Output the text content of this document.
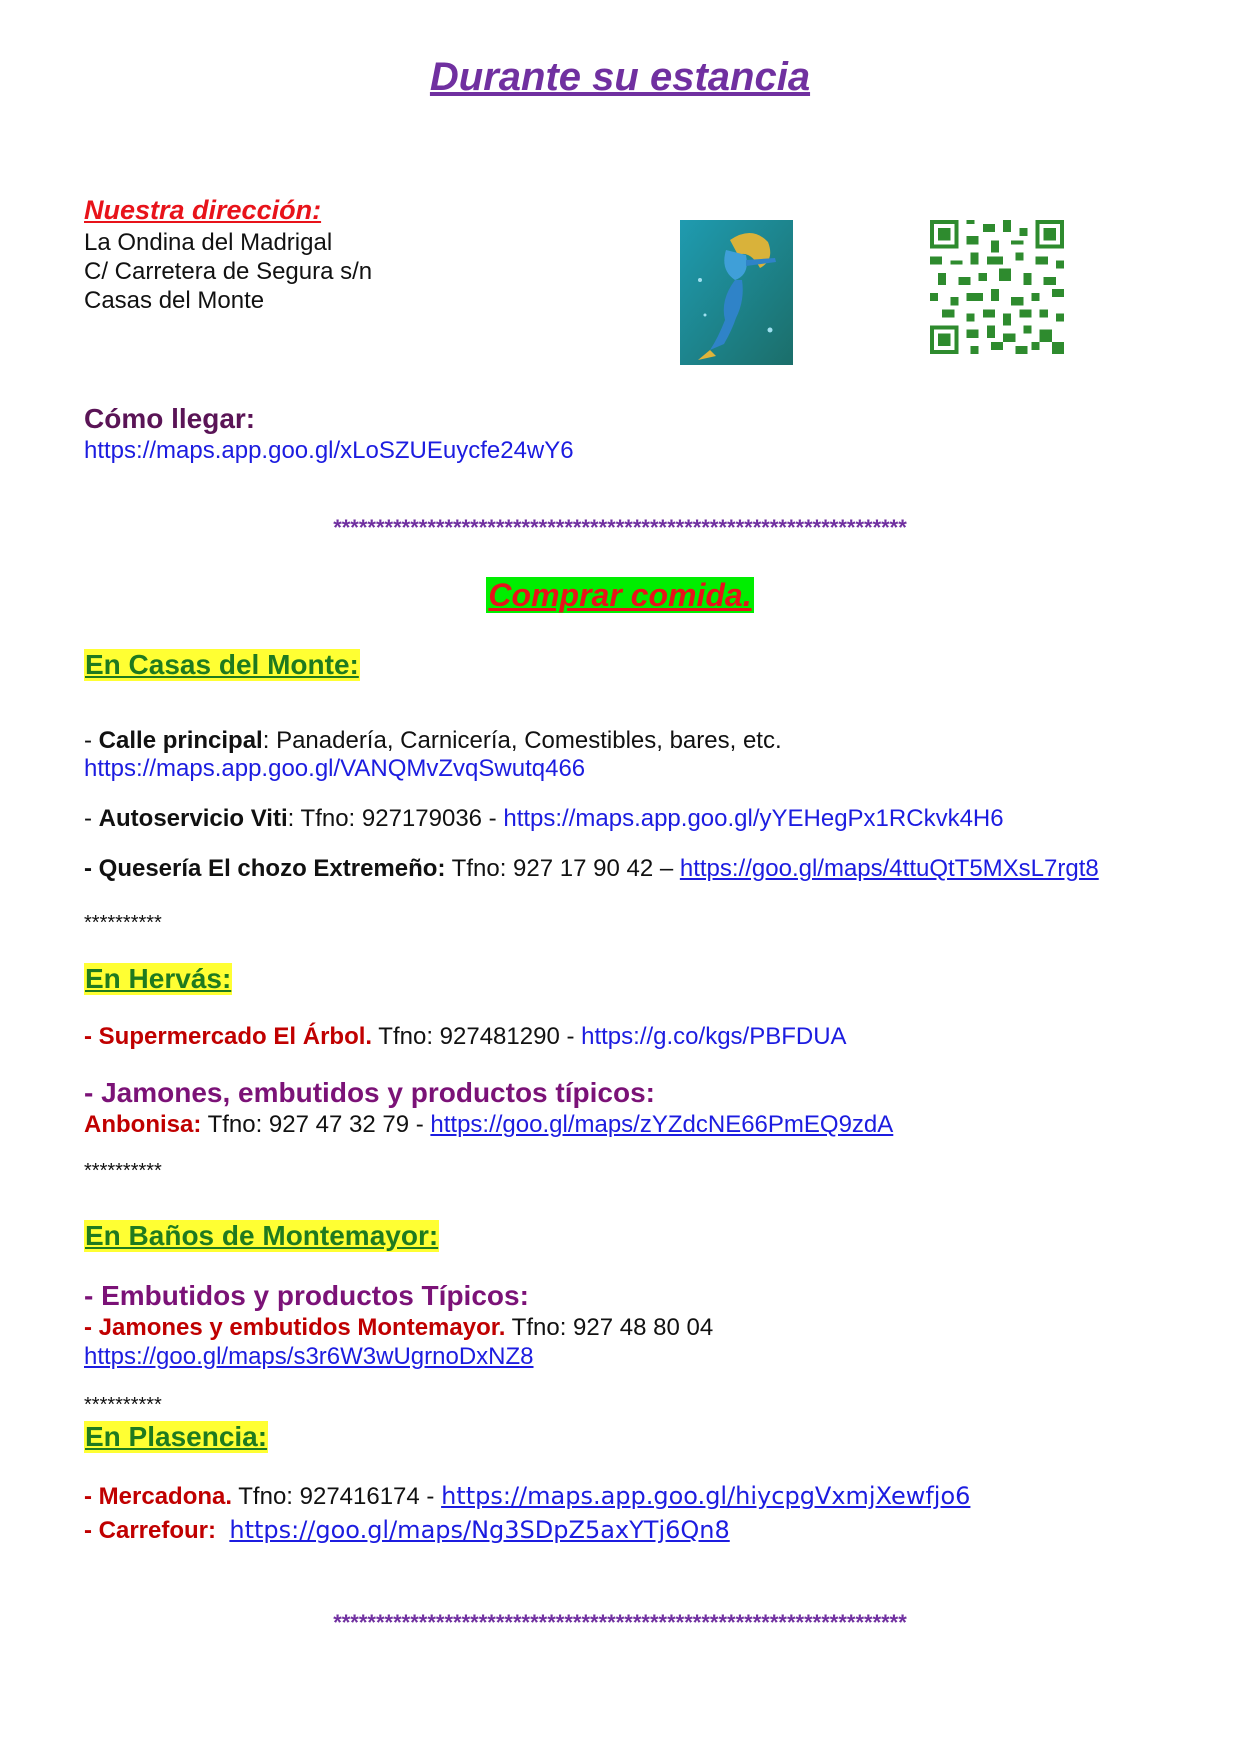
Durante su estancia
Nuestra dirección:
La Ondina del Madrigal
C/ Carretera de Segura s/n
Casas del Monte
Cómo llegar:
https://maps.app.goo.gl/xLoSZUEuycfe24wY6
*******************************************************************
Comprar comida.
En Casas del Monte:
- Calle principal: Panadería, Carnicería, Comestibles, bares, etc.
https://maps.app.goo.gl/VANQMvZvqSwutq466
- Autoservicio Viti: Tfno: 927179036 - https://maps.app.goo.gl/yYEHegPx1RCkvk4H6
- Quesería El chozo Extremeño: Tfno: 927 17 90 42 – https://goo.gl/maps/4ttuQtT5MXsL7rgt8
**********
En Hervás:
- Supermercado El Árbol. Tfno: 927481290 - https://g.co/kgs/PBFDUA
- Jamones, embutidos y productos típicos:
Anbonisa: Tfno: 927 47 32 79 - https://goo.gl/maps/zYZdcNE66PmEQ9zdA
**********
En Baños de Montemayor:
- Embutidos y productos Típicos:
- Jamones y embutidos Montemayor. Tfno: 927 48 80 04
https://goo.gl/maps/s3r6W3wUgrnoDxNZ8
**********
En Plasencia:
- Mercadona. Tfno: 927416174 - https://maps.app.goo.gl/hiycpgVxmjXewfjo6
- Carrefour: https://goo.gl/maps/Ng3SDpZ5axYTj6Qn8
*******************************************************************
